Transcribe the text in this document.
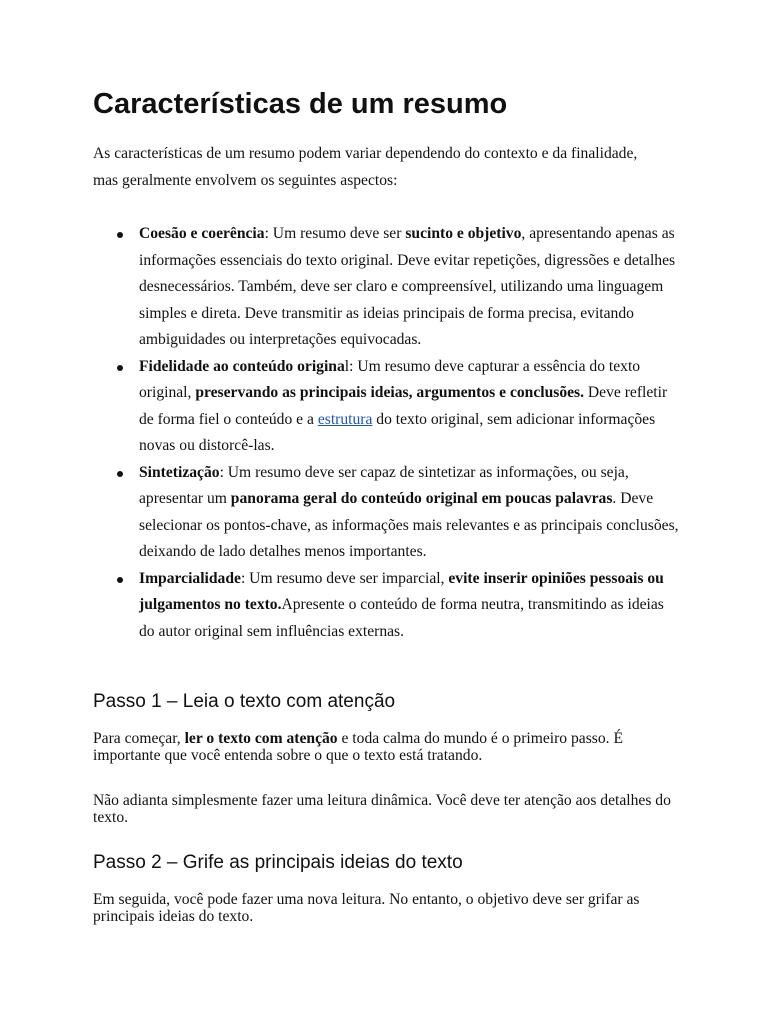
Características de um resumo

As características de um resumo podem variar dependendo do contexto e da finalidade, mas geralmente envolvem os seguintes aspectos:

Coesão e coerência: Um resumo deve ser sucinto e objetivo, apresentando apenas as informações essenciais do texto original. Deve evitar repetições, digressões e detalhes desnecessários. Também, deve ser claro e compreensível, utilizando uma linguagem simples e direta. Deve transmitir as ideias principais de forma precisa, evitando ambiguidades ou interpretações equivocadas.
Fidelidade ao conteúdo original: Um resumo deve capturar a essência do texto original, preservando as principais ideias, argumentos e conclusões. Deve refletir de forma fiel o conteúdo e a estrutura do texto original, sem adicionar informações novas ou distorcê-las.
Sintetização: Um resumo deve ser capaz de sintetizar as informações, ou seja, apresentar um panorama geral do conteúdo original em poucas palavras. Deve selecionar os pontos-chave, as informações mais relevantes e as principais conclusões, deixando de lado detalhes menos importantes.
Imparcialidade: Um resumo deve ser imparcial, evite inserir opiniões pessoais ou julgamentos no texto.Apresente o conteúdo de forma neutra, transmitindo as ideias do autor original sem influências externas.
Passo 1 – Leia o texto com atenção

Para começar, ler o texto com atenção e toda calma do mundo é o primeiro passo. É importante que você entenda sobre o que o texto está tratando.

Não adianta simplesmente fazer uma leitura dinâmica. Você deve ter atenção aos detalhes do texto.

Passo 2 – Grife as principais ideias do texto

Em seguida, você pode fazer uma nova leitura. No entanto, o objetivo deve ser grifar as principais ideias do texto.
